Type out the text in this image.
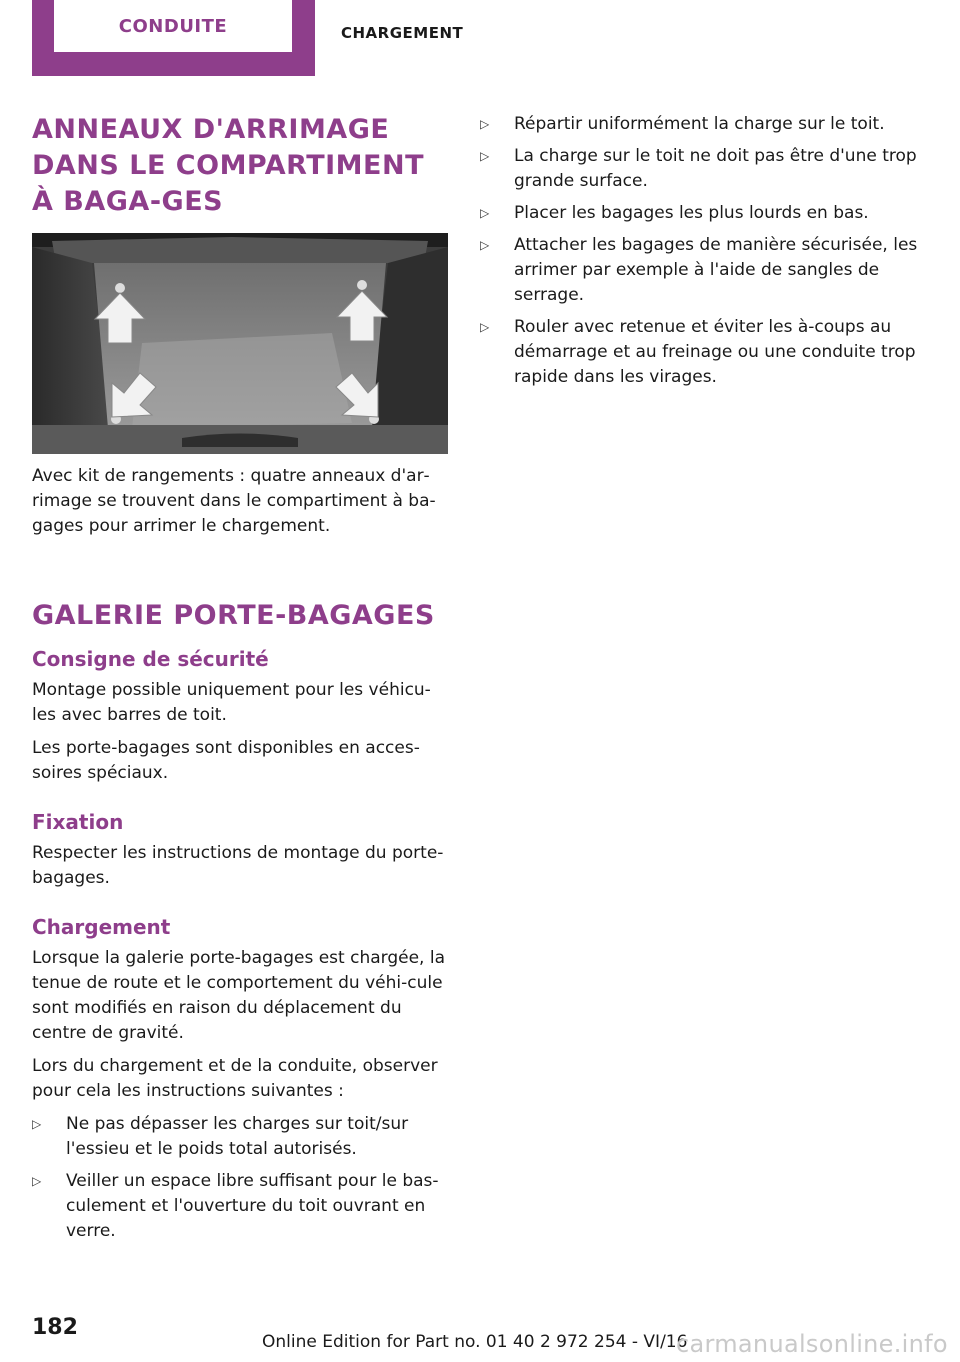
CONDUITE	CHARGEMENT
ANNEAUX D'ARRIMAGE DANS LE COMPARTIMENT À BAGA‐GES

Avec kit de rangements : quatre anneaux d'ar‐rimage se trouvent dans le compartiment à ba‐gages pour arrimer le chargement.

GALERIE PORTE‐BAGAGES
Consigne de sécurité

Montage possible uniquement pour les véhicu‐les avec barres de toit.

Les porte‐bagages sont disponibles en acces‐soires spéciaux.

Fixation

Respecter les instructions de montage du porte‐bagages.

Chargement

Lorsque la galerie porte‐bagages est chargée, la tenue de route et le comportement du véhi‐cule sont modifiés en raison du déplacement du centre de gravité.

Lors du chargement et de la conduite, observer pour cela les instructions suivantes :

▷ Ne pas dépasser les charges sur toit/sur l'essieu et le poids total autorisés.
▷ Veiller un espace libre suffisant pour le bas‐culement et l'ouverture du toit ouvrant en verre.
▷ Répartir uniformément la charge sur le toit.
▷ La charge sur le toit ne doit pas être d'une trop grande surface.
▷ Placer les bagages les plus lourds en bas.
▷ Attacher les bagages de manière sécurisée, les arrimer par exemple à l'aide de sangles de serrage.
▷ Rouler avec retenue et éviter les à-coups au démarrage et au freinage ou une conduite trop rapide dans les virages.
182
Online Edition for Part no. 01 40 2 972 254 - VI/16
carmanualsonline.info
